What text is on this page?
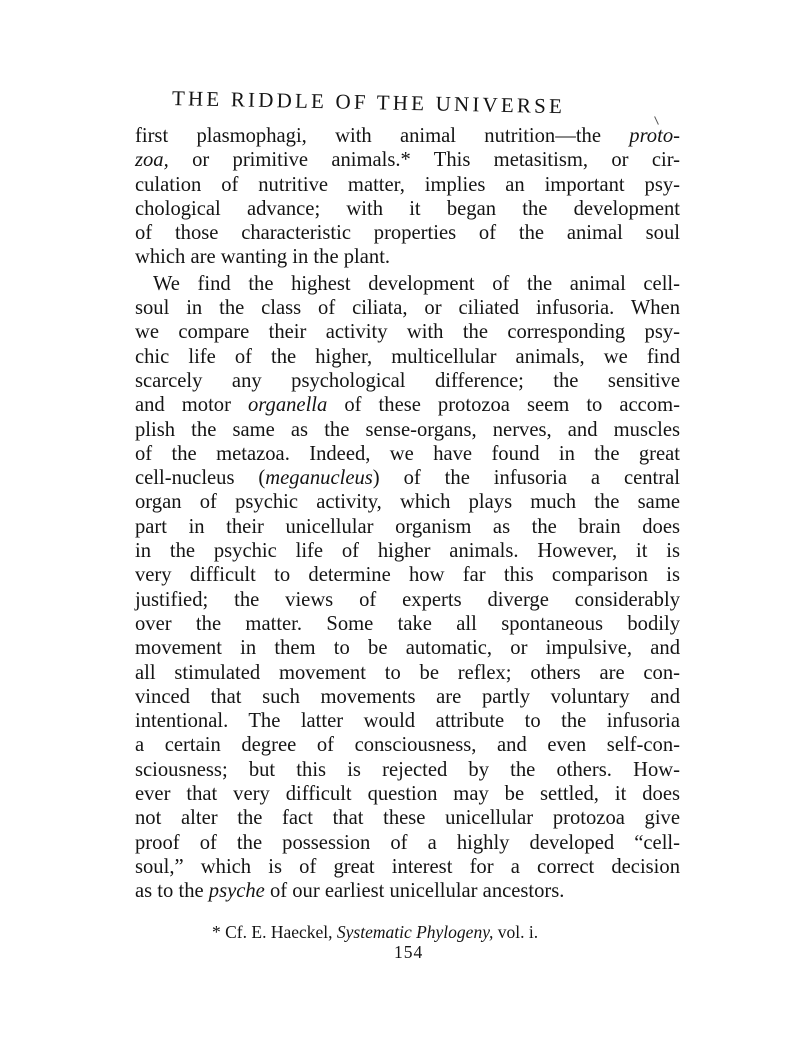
THE RIDDLE OF THE UNIVERSE
first plasmophagi, with animal nutrition—the proto-
zoa, or primitive animals.* This metasitism, or cir-
culation of nutritive matter, implies an important psy-
chological advance; with it began the development
of those characteristic properties of the animal soul
which are wanting in the plant.
We find the highest development of the animal cell-
soul in the class of ciliata, or ciliated infusoria. When
we compare their activity with the corresponding psy-
chic life of the higher, multicellular animals, we find
scarcely any psychological difference; the sensitive
and motor organella of these protozoa seem to accom-
plish the same as the sense-organs, nerves, and muscles
of the metazoa. Indeed, we have found in the great
cell-nucleus (meganucleus) of the infusoria a central
organ of psychic activity, which plays much the same
part in their unicellular organism as the brain does
in the psychic life of higher animals. However, it is
very difficult to determine how far this comparison is
justified; the views of experts diverge considerably
over the matter. Some take all spontaneous bodily
movement in them to be automatic, or impulsive, and
all stimulated movement to be reflex; others are con-
vinced that such movements are partly voluntary and
intentional. The latter would attribute to the infusoria
a certain degree of consciousness, and even self-con-
sciousness; but this is rejected by the others. How-
ever that very difficult question may be settled, it does
not alter the fact that these unicellular protozoa give
proof of the possession of a highly developed “cell-
soul,” which is of great interest for a correct decision
as to the psyche of our earliest unicellular ancestors.
* Cf. E. Haeckel, Systematic Phylogeny, vol. i.
154
